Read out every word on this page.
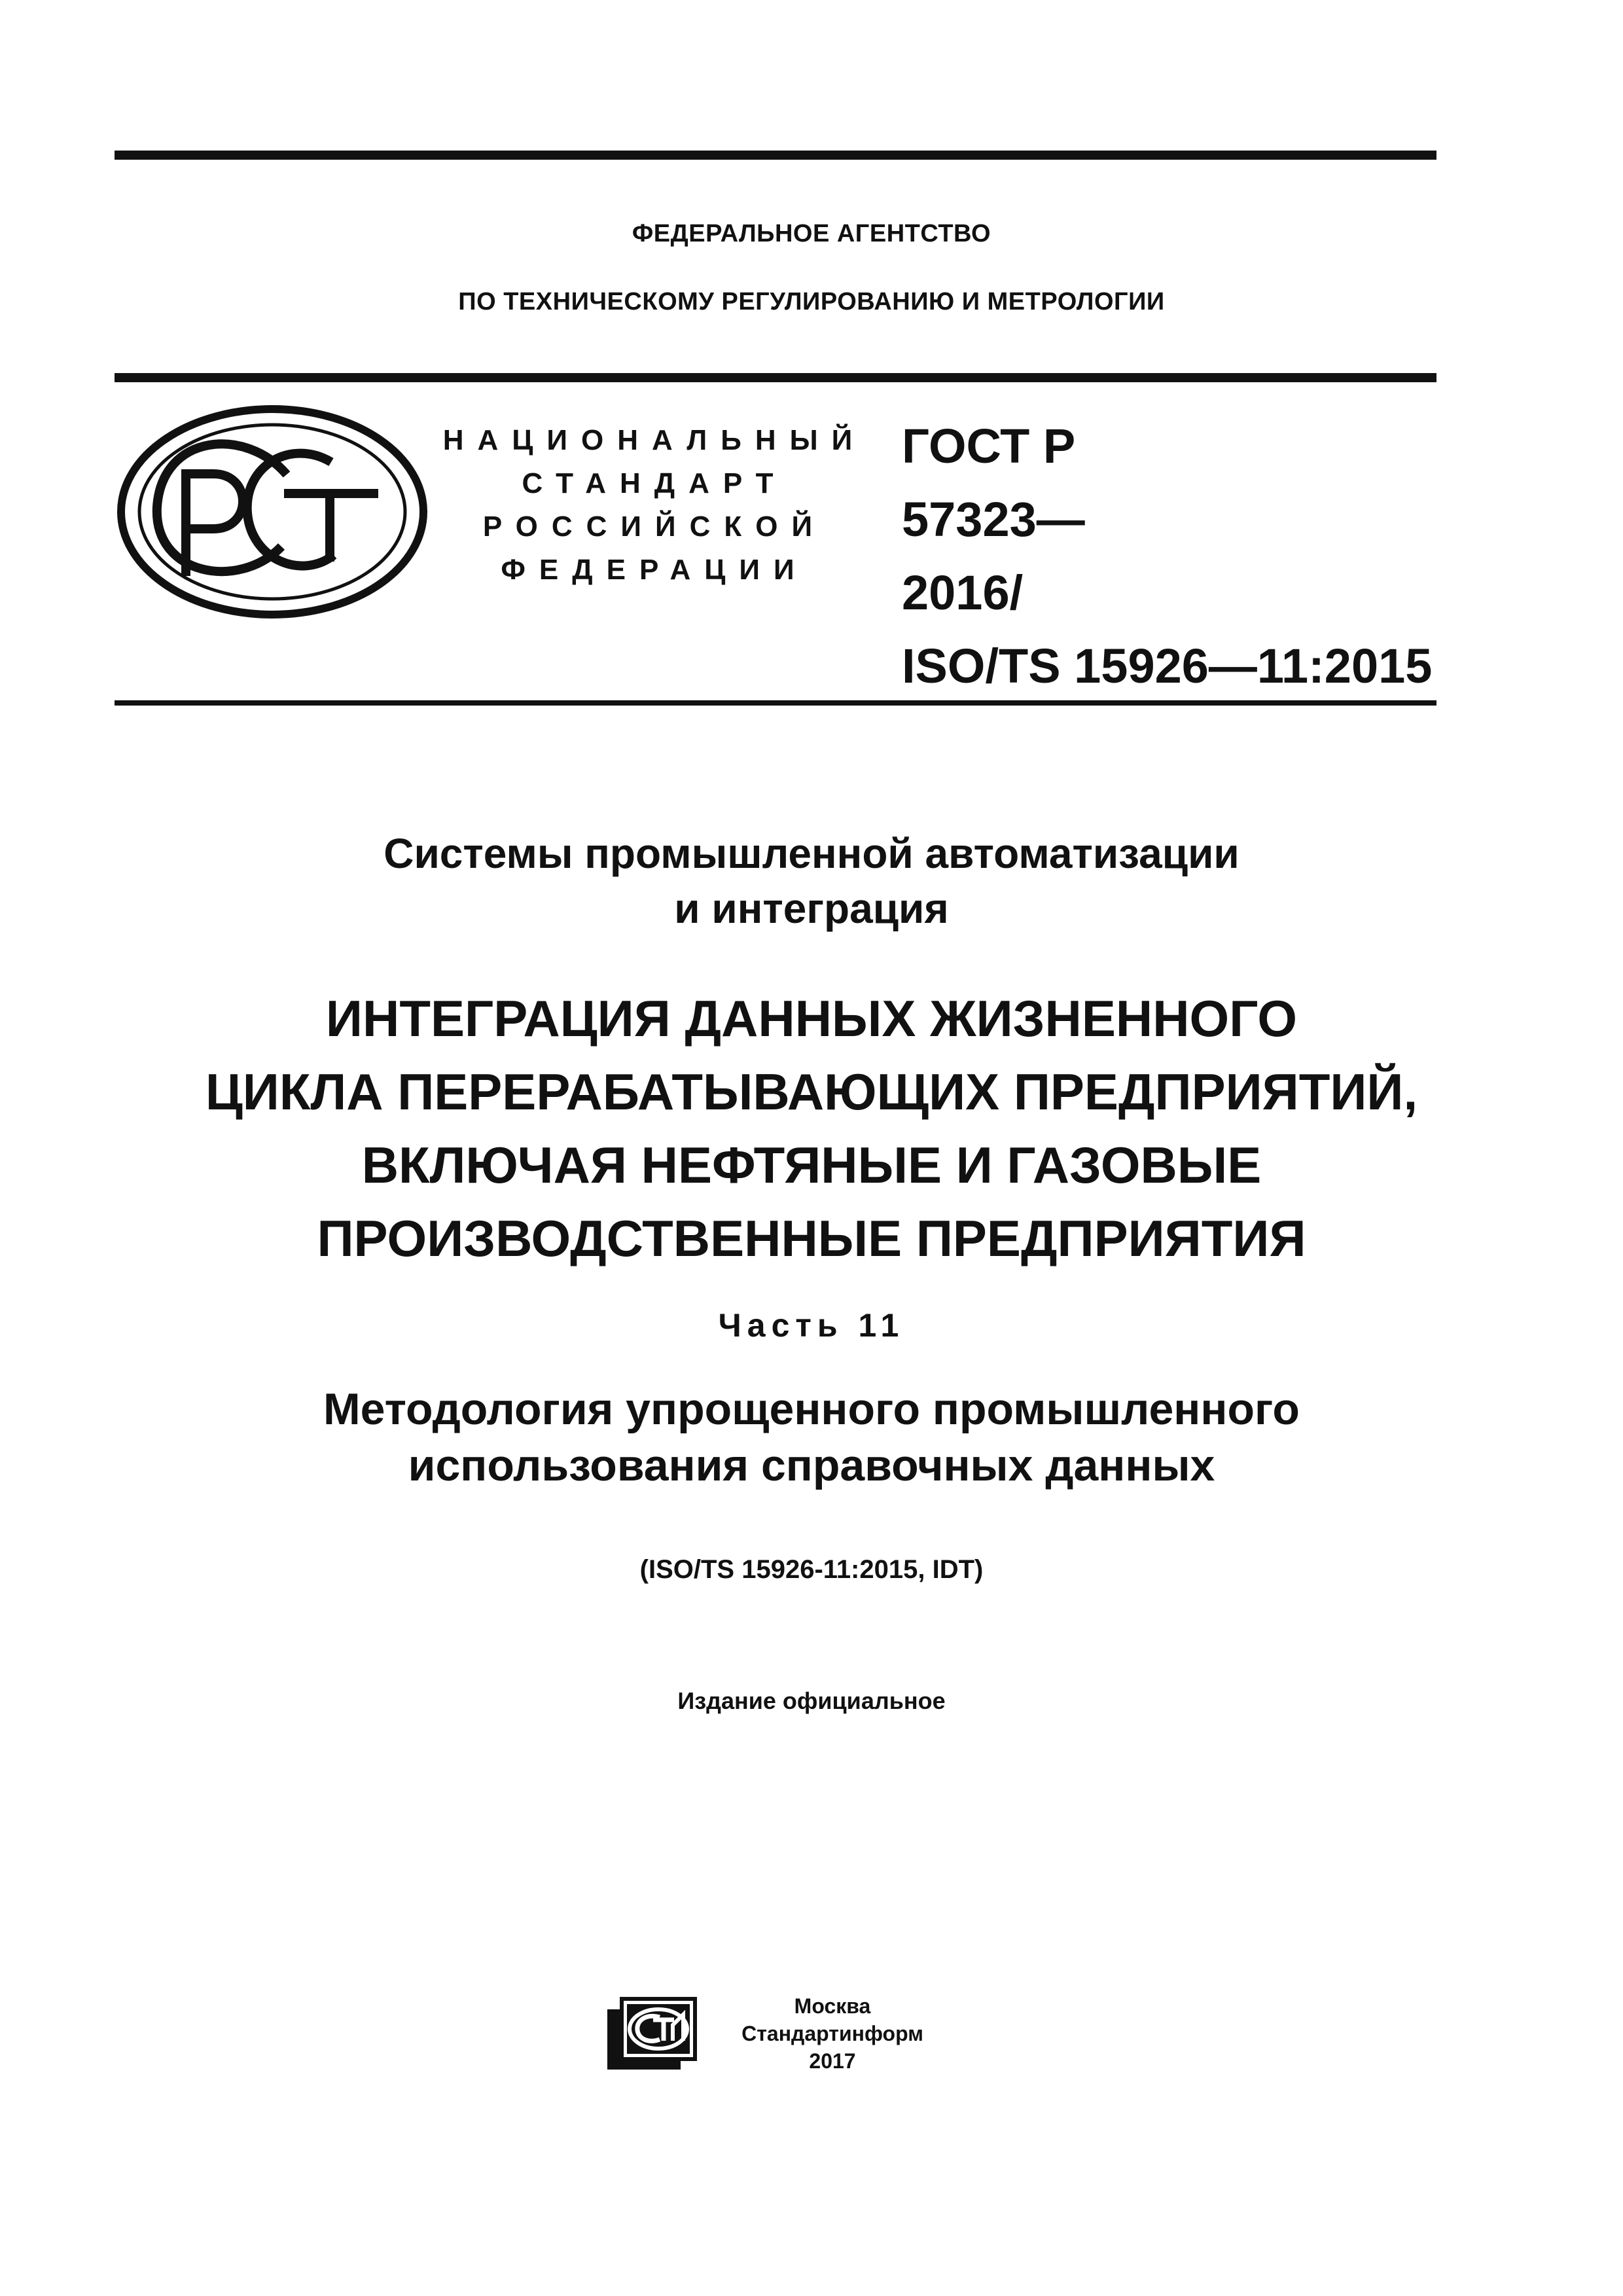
ФЕДЕРАЛЬНОЕ АГЕНТСТВО
ПО ТЕХНИЧЕСКОМУ РЕГУЛИРОВАНИЮ И МЕТРОЛОГИИ
НАЦИОНАЛЬНЫЙ
СТАНДАРТ
РОССИЙСКОЙ
ФЕДЕРАЦИИ
ГОСТ Р
57323—
2016/
ISO/TS 15926—11:2015
Системы промышленной автоматизации
и интеграция
ИНТЕГРАЦИЯ ДАННЫХ ЖИЗНЕННОГО
ЦИКЛА ПЕРЕРАБАТЫВАЮЩИХ ПРЕДПРИЯТИЙ,
ВКЛЮЧАЯ НЕФТЯНЫЕ И ГАЗОВЫЕ
ПРОИЗВОДСТВЕННЫЕ ПРЕДПРИЯТИЯ
Часть 11
Методология упрощенного промышленного
использования справочных данных
(ISO/TS 15926-11:2015, IDT)
Издание официальное
Москва
Стандартинформ
2017
